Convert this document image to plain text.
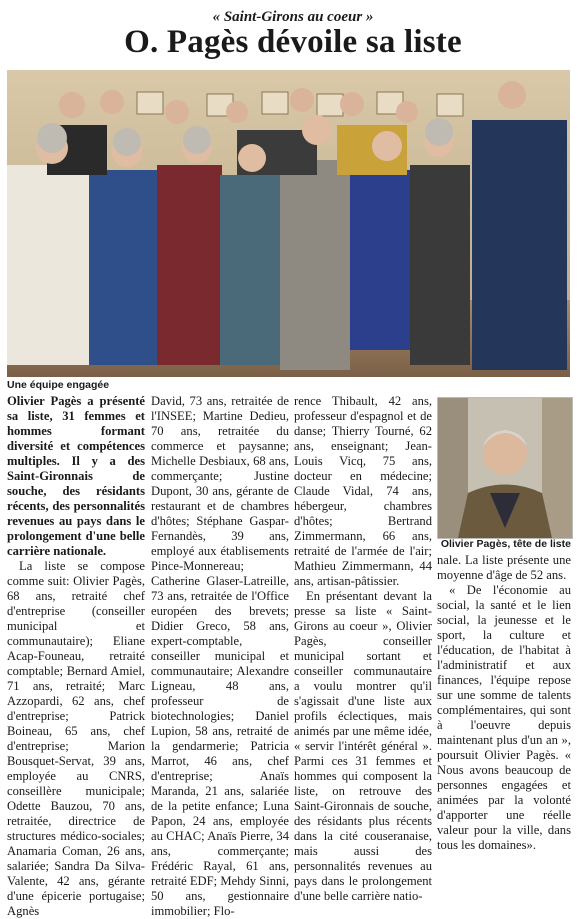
« Saint-Girons au coeur »
O. Pagès dévoile sa liste
Une équipe engagée

Olivier Pagès a présenté sa liste, 31 femmes et hommes formant diversité et compétences multiples. Il y a des Saint-Gironnais de souche, des résidants récents, des personnalités revenues au pays dans le prolongement d'une belle carrière nationale.

La liste se compose comme suit: Olivier Pagès, 68 ans, retraité chef d'entreprise (conseiller municipal et communautaire); Eliane Acap-Founeau, retraité comptable; Bernard Amiel, 71 ans, retraité; Marc Azzopardi, 62 ans, chef d'entreprise; Patrick Boineau, 65 ans, chef d'entreprise; Marion Bousquet-Servat, 39 ans, employée au CNRS, conseillère municipale; Odette Bauzou, 70 ans, retraitée, directrice de structures médico-sociales; Anamaria Coman, 26 ans, salariée; Sandra Da Silva-Valente, 42 ans, gérante d'une épicerie portugaise; Agnès

David, 73 ans, retraitée de l'INSEE; Martine Dedieu, 70 ans, retraitée du commerce et paysanne; Michelle Desbiaux, 68 ans, commerçante; Justine Dupont, 30 ans, gérante de restaurant et de chambres d'hôtes; Stéphane Gaspar-Fernandès, 39 ans, employé aux établisements Pince-Monnereau; Catherine Glaser-Latreille, 73 ans, retraitée de l'Office européen des brevets; Didier Greco, 58 ans, expert-comptable, conseiller municipal et communautaire; Alexandre Ligneau, 48 ans, professeur de biotechnologies; Daniel Lupion, 58 ans, retraité de la gendarmerie; Patricia Marrot, 46 ans, chef d'entreprise; Anaïs Maranda, 21 ans, salariée de la petite enfance; Luna Papon, 24 ans, employée au CHAC; Anaïs Pierre, 34 ans, commerçante; Frédéric Rayal, 61 ans, retraité EDF; Mehdy Sinni, 50 ans, gestionnaire immobilier; Flo-

rence Thibault, 42 ans, professeur d'espagnol et de danse; Thierry Tourné, 62 ans, enseignant; Jean-Louis Vicq, 75 ans, docteur en médecine; Claude Vidal, 74 ans, hébergeur, chambres d'hôtes; Bertrand Zimmermann, 66 ans, retraité de l'armée de l'air; Mathieu Zimmermann, 44 ans, artisan-pâtissier.

En présentant devant la presse sa liste « Saint-Girons au coeur », Olivier Pagès, conseiller municipal sortant et conseiller communautaire a voulu montrer qu'il s'agissait d'une liste aux profils éclectiques, mais animés par une même idée, « servir l'intérêt général ». Parmi ces 31 femmes et hommes qui composent la liste, on retrouve des Saint-Gironnais de souche, des résidants plus récents dans la cité couseranaise, mais aussi des personnalités revenues au pays dans le prolongement d'une belle carrière natio-

Olivier Pagès, tête de liste

nale. La liste présente une moyenne d'âge de 52 ans.

« De l'économie au social, la santé et le lien social, la jeunesse et le sport, la culture et l'éducation, de l'habitat à l'administratif et aux finances, l'équipe repose sur une somme de talents complémentaires, qui sont à l'oeuvre depuis maintenant plus d'un an », poursuit Olivier Pagès. « Nous avons beaucoup de personnes engagées et animées par la volonté d'apporter une réelle valeur pour la ville, dans tous les domaines».
